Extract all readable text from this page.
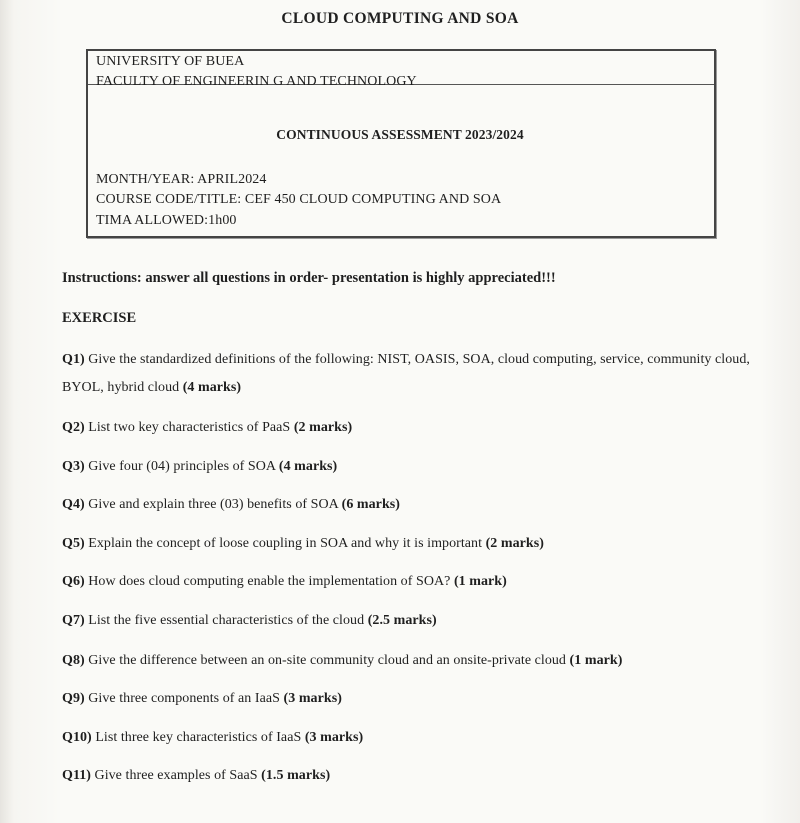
CLOUD COMPUTING AND SOA
UNIVERSITY OF BUEA
FACULTY OF ENGINEERIN G AND TECHNOLOGY
CONTINUOUS ASSESSMENT 2023/2024
MONTH/YEAR: APRIL2024
COURSE CODE/TITLE: CEF 450 CLOUD COMPUTING AND SOA
TIMA ALLOWED:1h00
Instructions: answer all questions in order- presentation is highly appreciated!!!
EXERCISE
Q1) Give the standardized definitions of the following: NIST, OASIS, SOA, cloud computing, service, community cloud, BYOL, hybrid cloud (4 marks)
Q2) List two key characteristics of PaaS (2 marks)
Q3) Give four (04) principles of SOA (4 marks)
Q4) Give and explain three (03) benefits of SOA (6 marks)
Q5) Explain the concept of loose coupling in SOA and why it is important (2 marks)
Q6) How does cloud computing enable the implementation of SOA? (1 mark)
Q7) List the five essential characteristics of the cloud (2.5 marks)
Q8) Give the difference between an on-site community cloud and an onsite-private cloud (1 mark)
Q9) Give three components of an IaaS (3 marks)
Q10) List three key characteristics of IaaS (3 marks)
Q11) Give three examples of SaaS (1.5 marks)
